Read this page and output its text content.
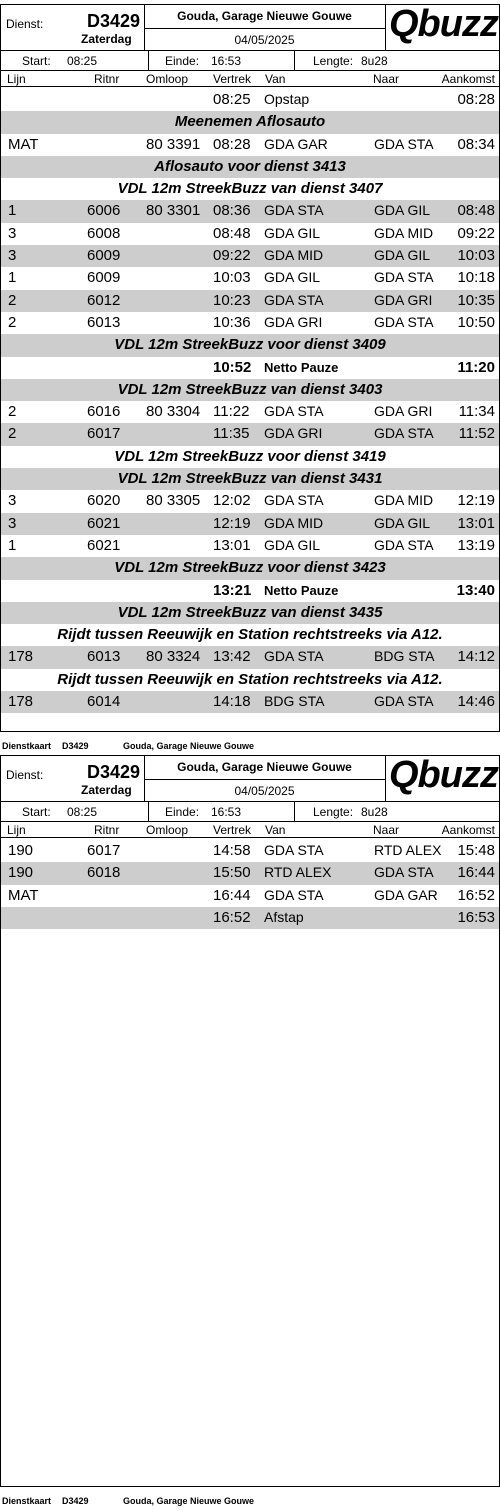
Dienst: D3429
Zaterdag
Gouda, Garage Nieuwe Gouwe
04/05/2025	Qbuzz
Start: 08:25	Einde: 16:53	Lengte: 8u28
Lijn	Ritnr Omloop Vertrek Van	Naar	Aankomst
08:25 Opstap	08:28
Meenemen Aflosauto
MAT	80 3391 08:28 GDA GAR	GDA STA 08:34
Aflosauto voor dienst 3413
VDL 12m StreekBuzz van dienst 3407
1	6006 80 3301 08:36 GDA STA	GDA GIL 08:48
3	6008	08:48 GDA GIL	GDA MID 09:22
3	6009	09:22 GDA MID	GDA GIL 10:03
1	6009	10:03 GDA GIL	GDA STA 10:18
2	6012	10:23 GDA STA	GDA GRI 10:35
2	6013	10:36 GDA GRI	GDA STA 10:50
VDL 12m StreekBuzz voor dienst 3409
10:52 Netto Pauze	11:20
VDL 12m StreekBuzz van dienst 3403
2	6016 80 3304 11:22 GDA STA	GDA GRI 11:34
2	6017	11:35 GDA GRI	GDA STA 11:52
VDL 12m StreekBuzz voor dienst 3419
VDL 12m StreekBuzz van dienst 3431
3	6020 80 3305 12:02 GDA STA	GDA MID 12:19
3	6021	12:19 GDA MID	GDA GIL 13:01
1	6021	13:01 GDA GIL	GDA STA 13:19
VDL 12m StreekBuzz voor dienst 3423
13:21 Netto Pauze	13:40
VDL 12m StreekBuzz van dienst 3435
Rijdt tussen Reeuwijk en Station rechtstreeks via A12.
178	6013 80 3324 13:42 GDA STA	BDG STA 14:12
Rijdt tussen Reeuwijk en Station rechtstreeks via A12.
178	6014	14:18 BDG STA	GDA STA 14:46
Dienstkaart D3429	Gouda, Garage Nieuwe Gouwe
Dienst: D3429
Zaterdag
Gouda, Garage Nieuwe Gouwe
04/05/2025	Qbuzz
Start: 08:25	Einde: 16:53	Lengte: 8u28
Lijn	Ritnr Omloop Vertrek Van	Naar	Aankomst
190	6017	14:58 GDA STA	RTD ALEX 15:48
190	6018	15:50 RTD ALEX	GDA STA 16:44
MAT	16:44 GDA STA	GDA GAR 16:52
16:52 Afstap	16:53
Dienstkaart D3429	Gouda, Garage Nieuwe Gouwe
